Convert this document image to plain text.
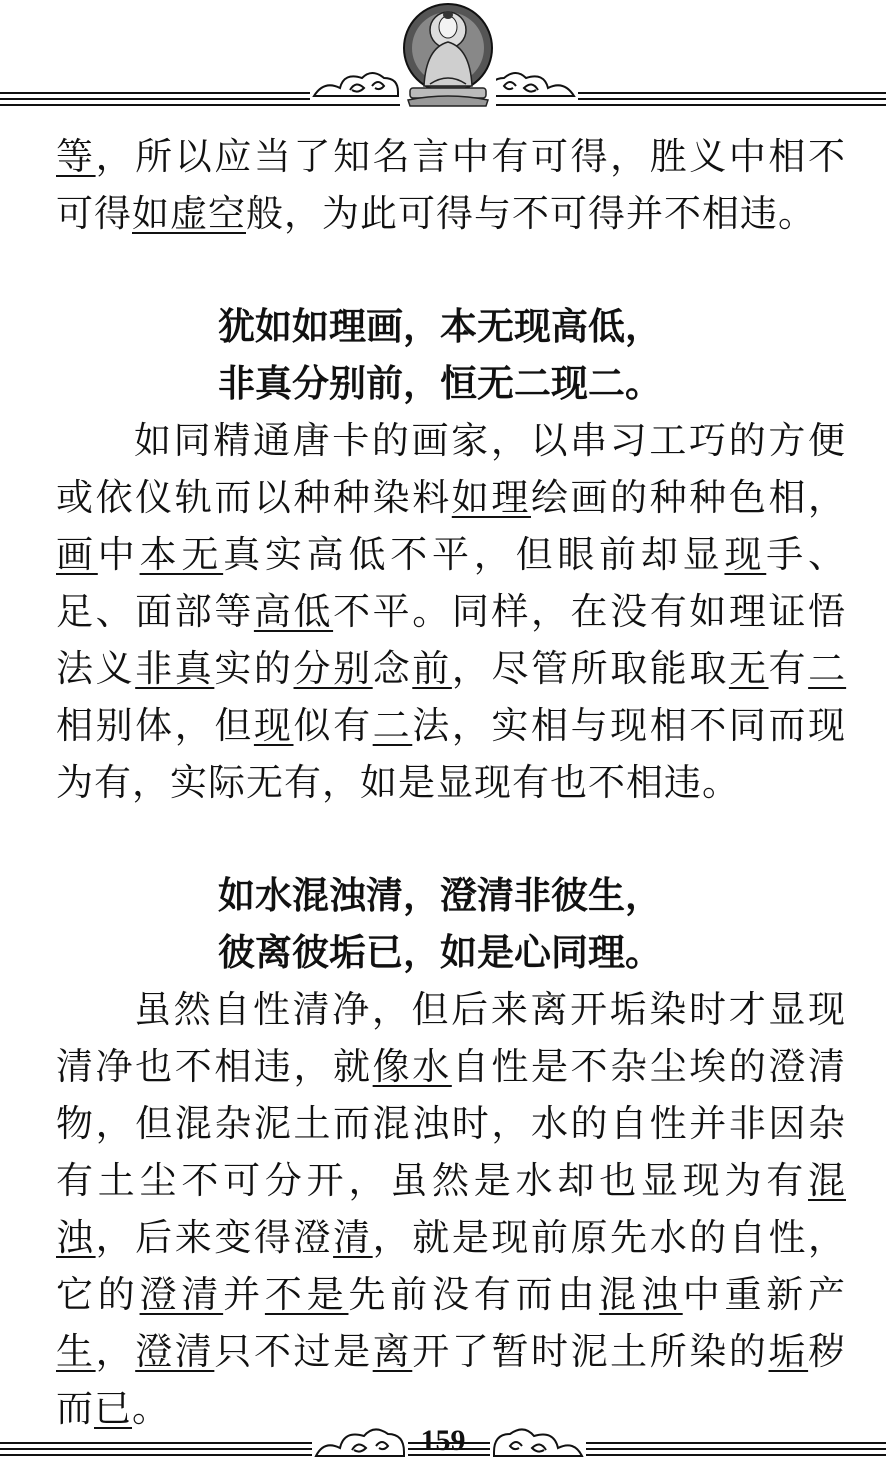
等，所以应当了知名言中有可得，胜义中相不可得如虚空般，为此可得与不可得并不相违。

犹如如理画，本无现高低，

非真分别前，恒无二现二。

如同精通唐卡的画家，以串习工巧的方便或依仪轨而以种种染料如理绘画的种种色相，画中本无真实高低不平，但眼前却显现手、足、面部等高低不平。同样，在没有如理证悟法义非真实的分别念前，尽管所取能取无有二相别体，但现似有二法，实相与现相不同而现为有，实际无有，如是显现有也不相违。

如水混浊清，澄清非彼生，

彼离彼垢已，如是心同理。

虽然自性清净，但后来离开垢染时才显现清净也不相违，就像水自性是不杂尘埃的澄清物，但混杂泥土而混浊时，水的自性并非因杂有土尘不可分开，虽然是水却也显现为有混浊，后来变得澄清，就是现前原先水的自性，它的澄清并不是先前没有而由混浊中重新产生，澄清只不过是离开了暂时泥土所染的垢秽而已。

159
